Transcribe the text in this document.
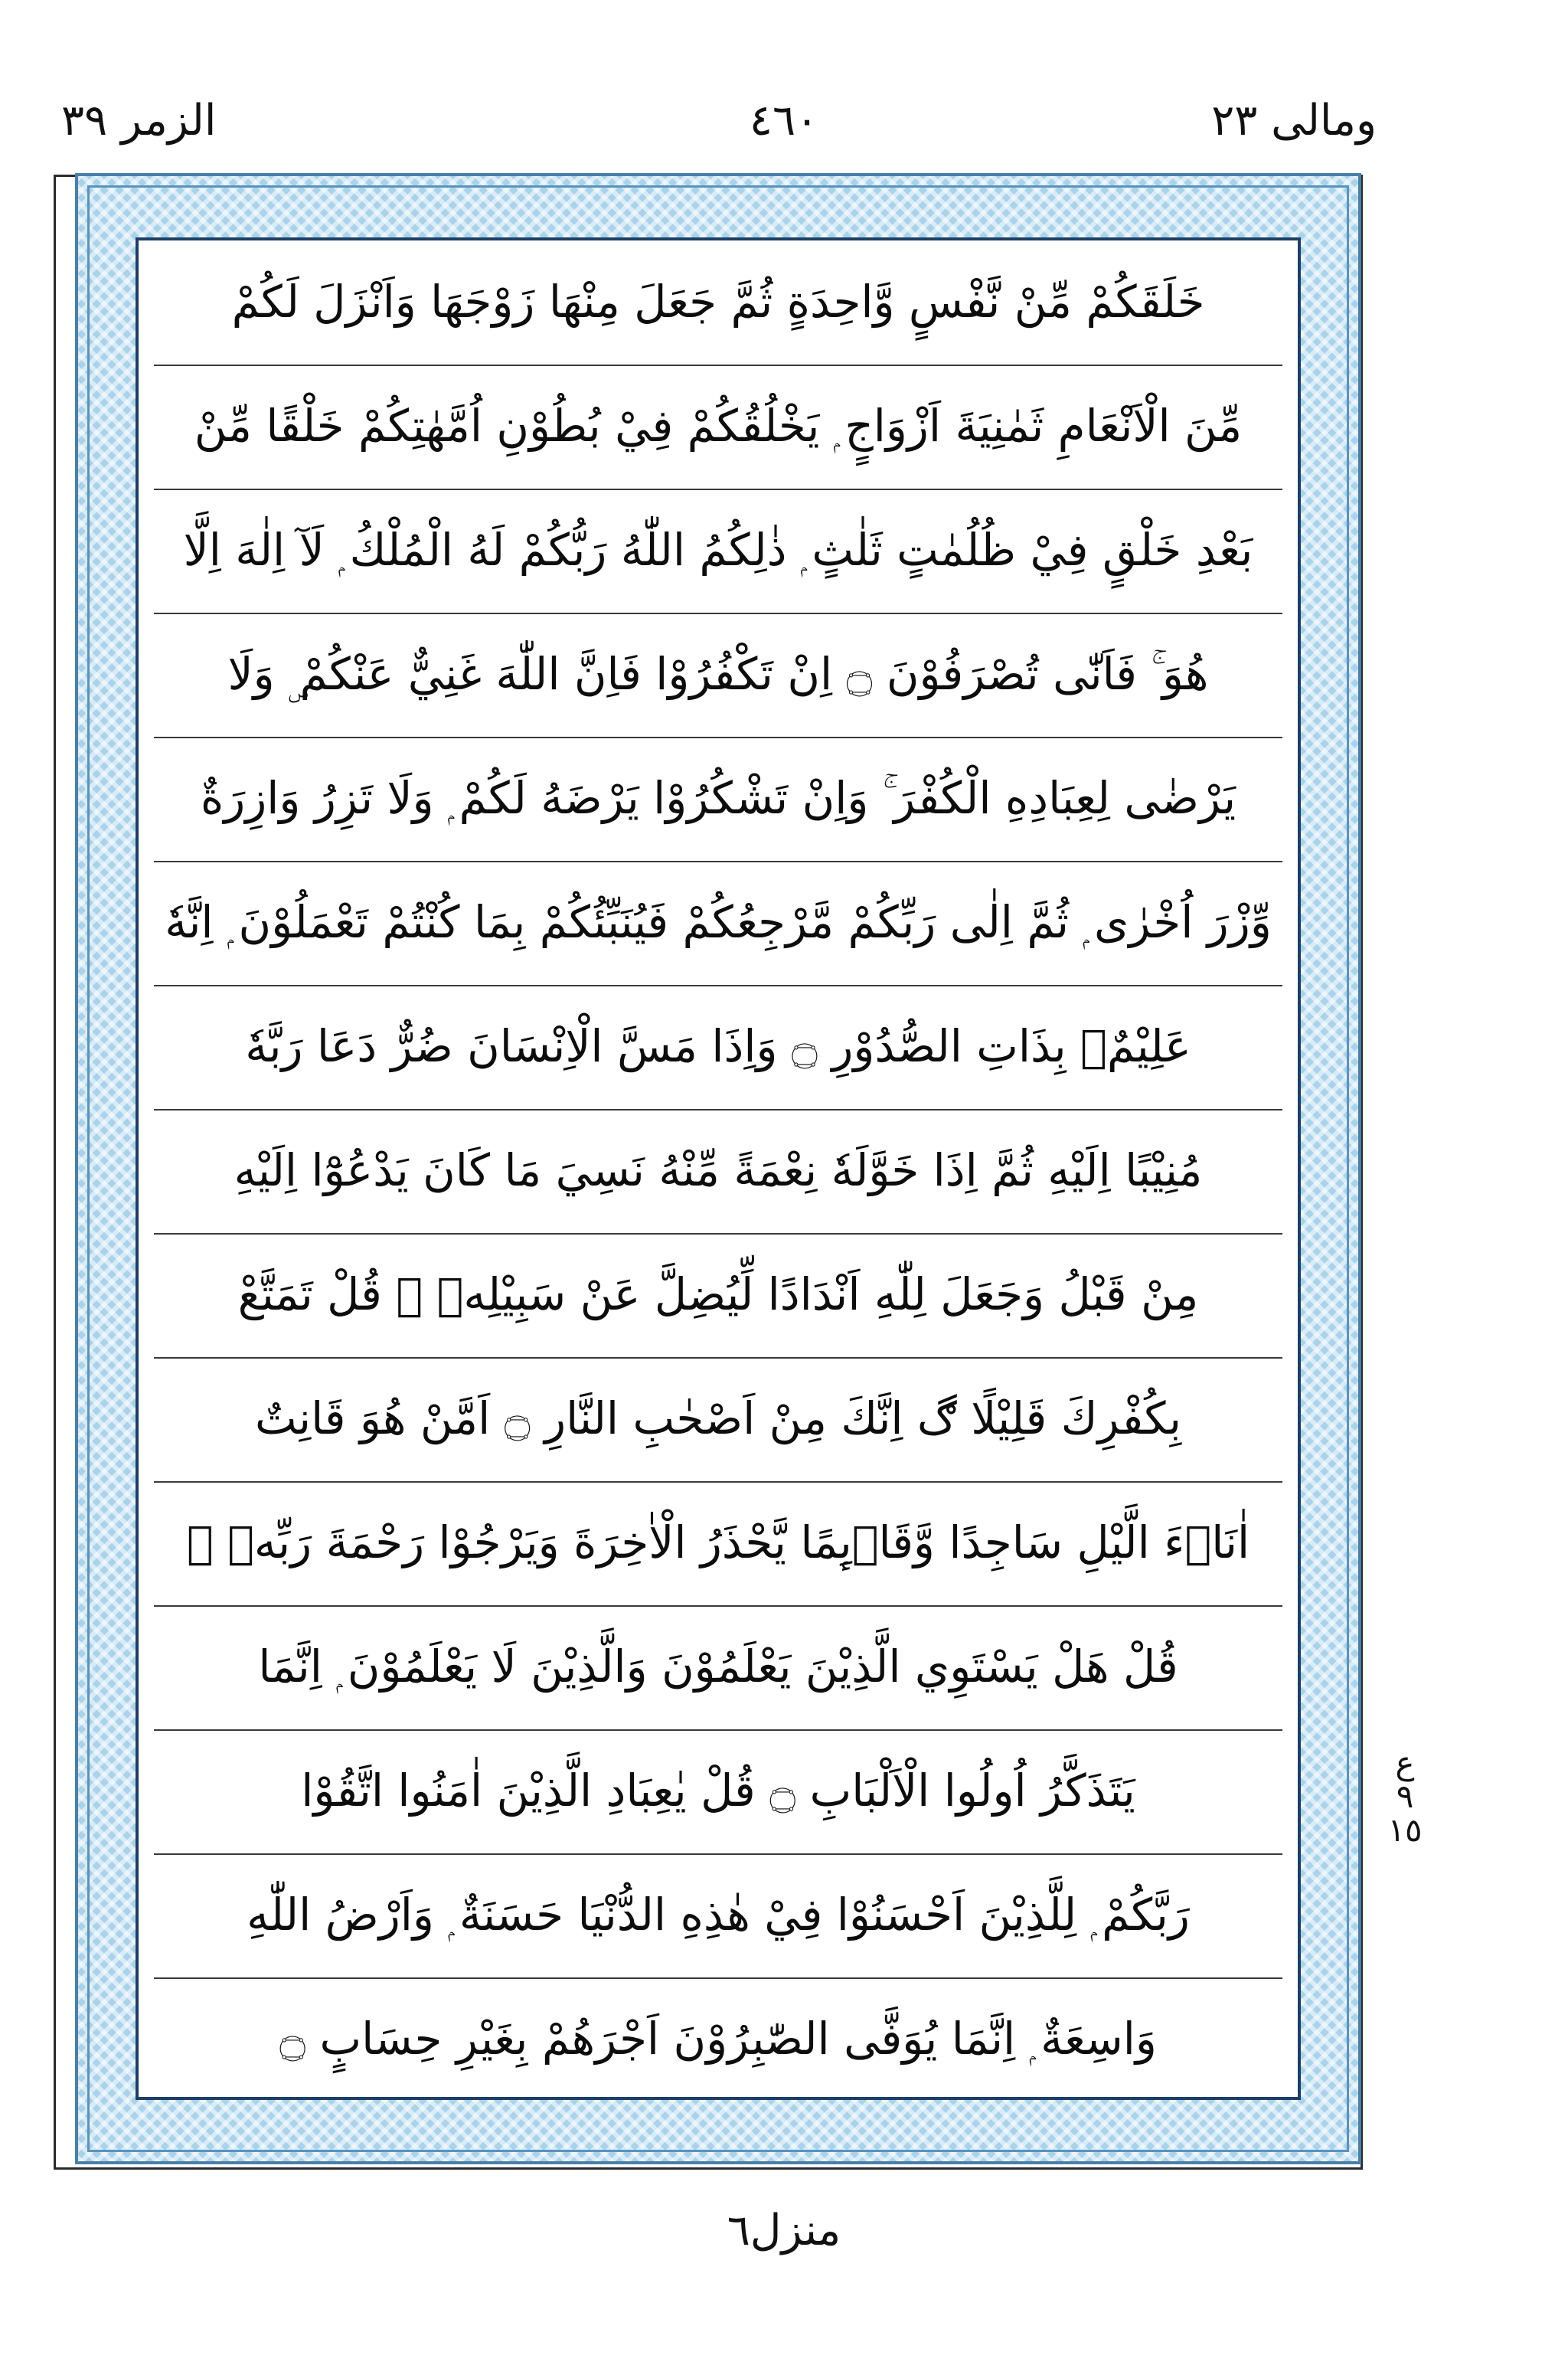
الزمر ٣٩	٤٦٠	ومالی ٢٣
خَلَقَكُمْ مِّنْ نَّفْسٍ وَّاحِدَةٍ ثُمَّ جَعَلَ مِنْهَا زَوْجَهَا وَاَنْزَلَ لَكُمْ
مِّنَ الْاَنْعَامِ ثَمٰنِيَةَ اَزْوَاجٍ ۭ يَخْلُقُكُمْ فِيْ بُطُوْنِ اُمَّهٰتِكُمْ خَلْقًا مِّنْ
بَعْدِ خَلْقٍ فِيْ ظُلُمٰتٍ ثَلٰثٍ ۭ ذٰلِكُمُ اللّٰهُ رَبُّكُمْ لَهُ الْمُلْكُ ۭ لَآ اِلٰهَ اِلَّا
هُوَ ۚ فَاَنّٰى تُصْرَفُوْنَ ۝ اِنْ تَكْفُرُوْا فَاِنَّ اللّٰهَ غَنِيٌّ عَنْكُمْ ۣ وَلَا
يَرْضٰى لِعِبَادِهِ الْكُفْرَ ۚ وَاِنْ تَشْكُرُوْا يَرْضَهُ لَكُمْ ۭ وَلَا تَزِرُ وَازِرَةٌ
وِّزْرَ اُخْرٰى ۭ ثُمَّ اِلٰى رَبِّكُمْ مَّرْجِعُكُمْ فَيُنَبِّئُكُمْ بِمَا كُنْتُمْ تَعْمَلُوْنَ ۭ اِنَّهٗ
عَلِيْمٌۢ بِذَاتِ الصُّدُوْرِ ۝ وَاِذَا مَسَّ الْاِنْسَانَ ضُرٌّ دَعَا رَبَّهٗ
مُنِيْبًا اِلَيْهِ ثُمَّ اِذَا خَوَّلَهٗ نِعْمَةً مِّنْهُ نَسِيَ مَا كَانَ يَدْعُوْٓا اِلَيْهِ
مِنْ قَبْلُ وَجَعَلَ لِلّٰهِ اَنْدَادًا لِّيُضِلَّ عَنْ سَبِيْلِهٖ ۭ قُلْ تَمَتَّعْ
بِكُفْرِكَ قَلِيْلًا ڰ اِنَّكَ مِنْ اَصْحٰبِ النَّارِ ۝ اَمَّنْ هُوَ قَانِتٌ
اٰنَاۗءَ الَّيْلِ سَاجِدًا وَّقَاۗىِٕمًا يَّحْذَرُ الْاٰخِرَةَ وَيَرْجُوْا رَحْمَةَ رَبِّهٖ ۭ
قُلْ هَلْ يَسْتَوِي الَّذِيْنَ يَعْلَمُوْنَ وَالَّذِيْنَ لَا يَعْلَمُوْنَ ۭ اِنَّمَا
يَتَذَكَّرُ اُولُوا الْاَلْبَابِ ۝ قُلْ يٰعِبَادِ الَّذِيْنَ اٰمَنُوا اتَّقُوْا
رَبَّكُمْ ۭ لِلَّذِيْنَ اَحْسَنُوْا فِيْ هٰذِهِ الدُّنْيَا حَسَنَةٌ ۭ وَاَرْضُ اللّٰهِ
وَاسِعَةٌ ۭ اِنَّمَا يُوَفَّى الصّٰبِرُوْنَ اَجْرَهُمْ بِغَيْرِ حِسَابٍ ۝
ع
٩
١٥
منزل٦
